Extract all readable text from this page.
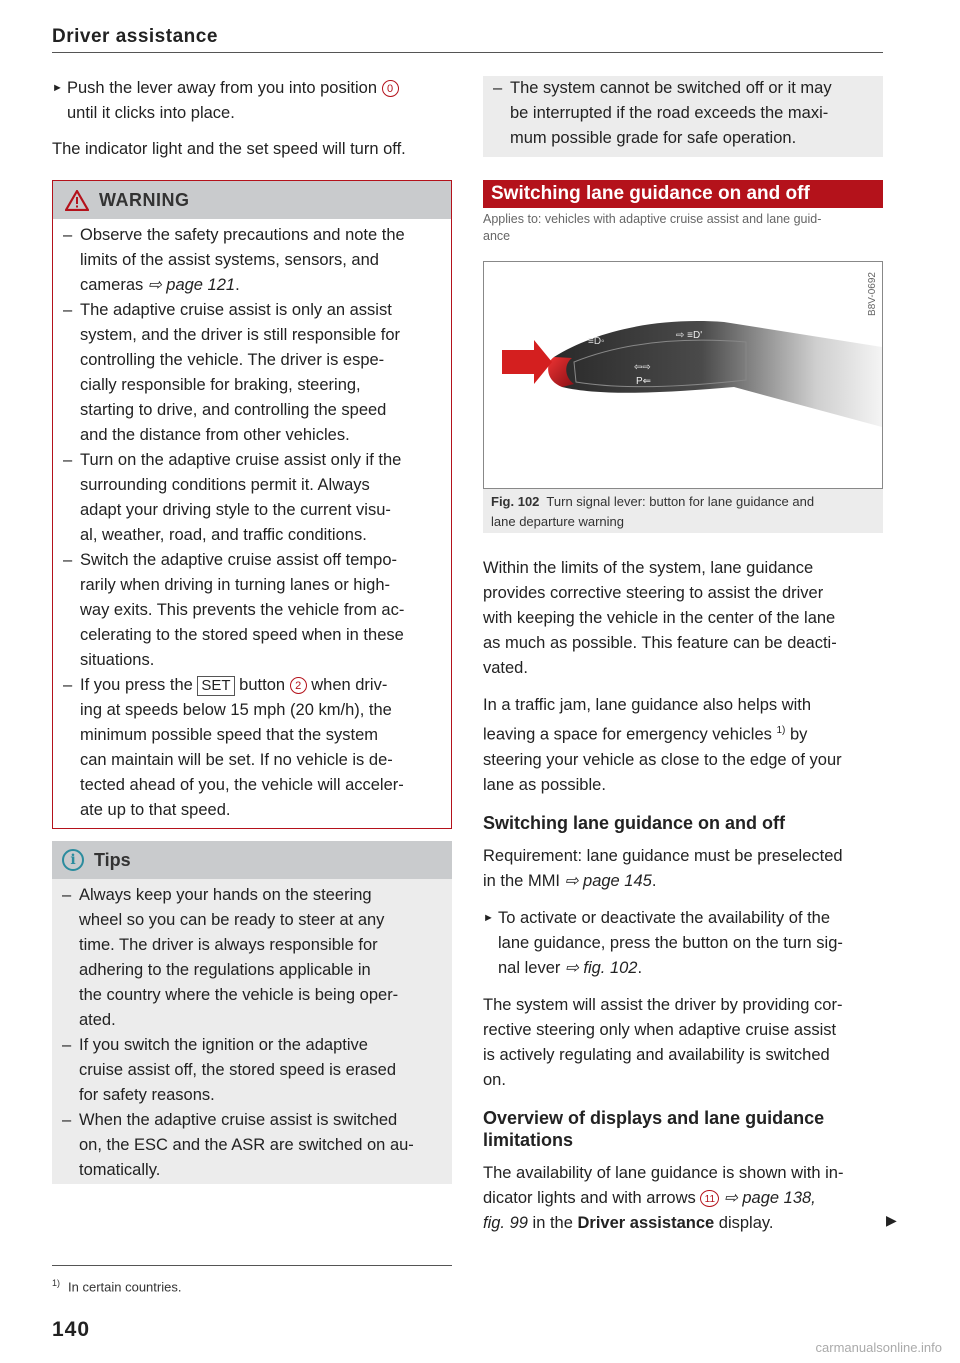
Driver assistance
► Push the lever away from you into position 0
until it clicks into place.

The indicator light and the set speed will turn off.

WARNING
– Observe the safety precautions and note the
limits of the assist systems, sensors, and
cameras ⇨ page 121.
– The adaptive cruise assist is only an assist
system, and the driver is still responsible for
controlling the vehicle. The driver is espe-
cially responsible for braking, steering,
starting to drive, and controlling the speed
and the distance from other vehicles.
– Turn on the adaptive cruise assist only if the
surrounding conditions permit it. Always
adapt your driving style to the current visu-
al, weather, road, and traffic conditions.
– Switch the adaptive cruise assist off tempo-
rarily when driving in turning lanes or high-
way exits. This prevents the vehicle from ac-
celerating to the stored speed when in these
situations.
– If you press the SET button 2 when driv-
ing at speeds below 15 mph (20 km/h), the
minimum possible speed that the system
can maintain will be set. If no vehicle is de-
tected ahead of you, the vehicle will acceler-
ate up to that speed.
i	Tips
– Always keep your hands on the steering
wheel so you can be ready to steer at any
time. The driver is always responsible for
adhering to the regulations applicable in
the country where the vehicle is being oper-
ated.
– If you switch the ignition or the adaptive
cruise assist off, the stored speed is erased
for safety reasons.
– When the adaptive cruise assist is switched
on, the ESC and the ASR are switched on au-
tomatically.
$^{1)}$ In certain countries.
140
– The system cannot be switched off or it may
be interrupted if the road exceeds the maxi-
mum possible grade for safe operation.
Switching lane guidance on and off
Applies to: vehicles with adaptive cruise assist and lane guid-
ance
≡D◦
⇨ ≡D'
⇦⇨
P⇐
B8V-0692
Fig. 102 Turn signal lever: button for lane guidance and
lane departure warning

Within the limits of the system, lane guidance
provides corrective steering to assist the driver
with keeping the vehicle in the center of the lane
as much as possible. This feature can be deacti-
vated.

In a traffic jam, lane guidance also helps with
leaving a space for emergency vehicles $^{1)}$ by
steering your vehicle as close to the edge of your
lane as possible.

Switching lane guidance on and off

Requirement: lane guidance must be preselected
in the MMI ⇨ page 145.

► To activate or deactivate the availability of the
lane guidance, press the button on the turn sig-
nal lever ⇨ fig. 102.

The system will assist the driver by providing cor-
rective steering only when adaptive cruise assist
is actively regulating and availability is switched
on.

Overview of displays and lane guidance
limitations

The availability of lane guidance is shown with in-
dicator lights and with arrows 11 ⇨ page 138,
fig. 99 in the Driver assistance display.	▶
carmanualsonline.info
